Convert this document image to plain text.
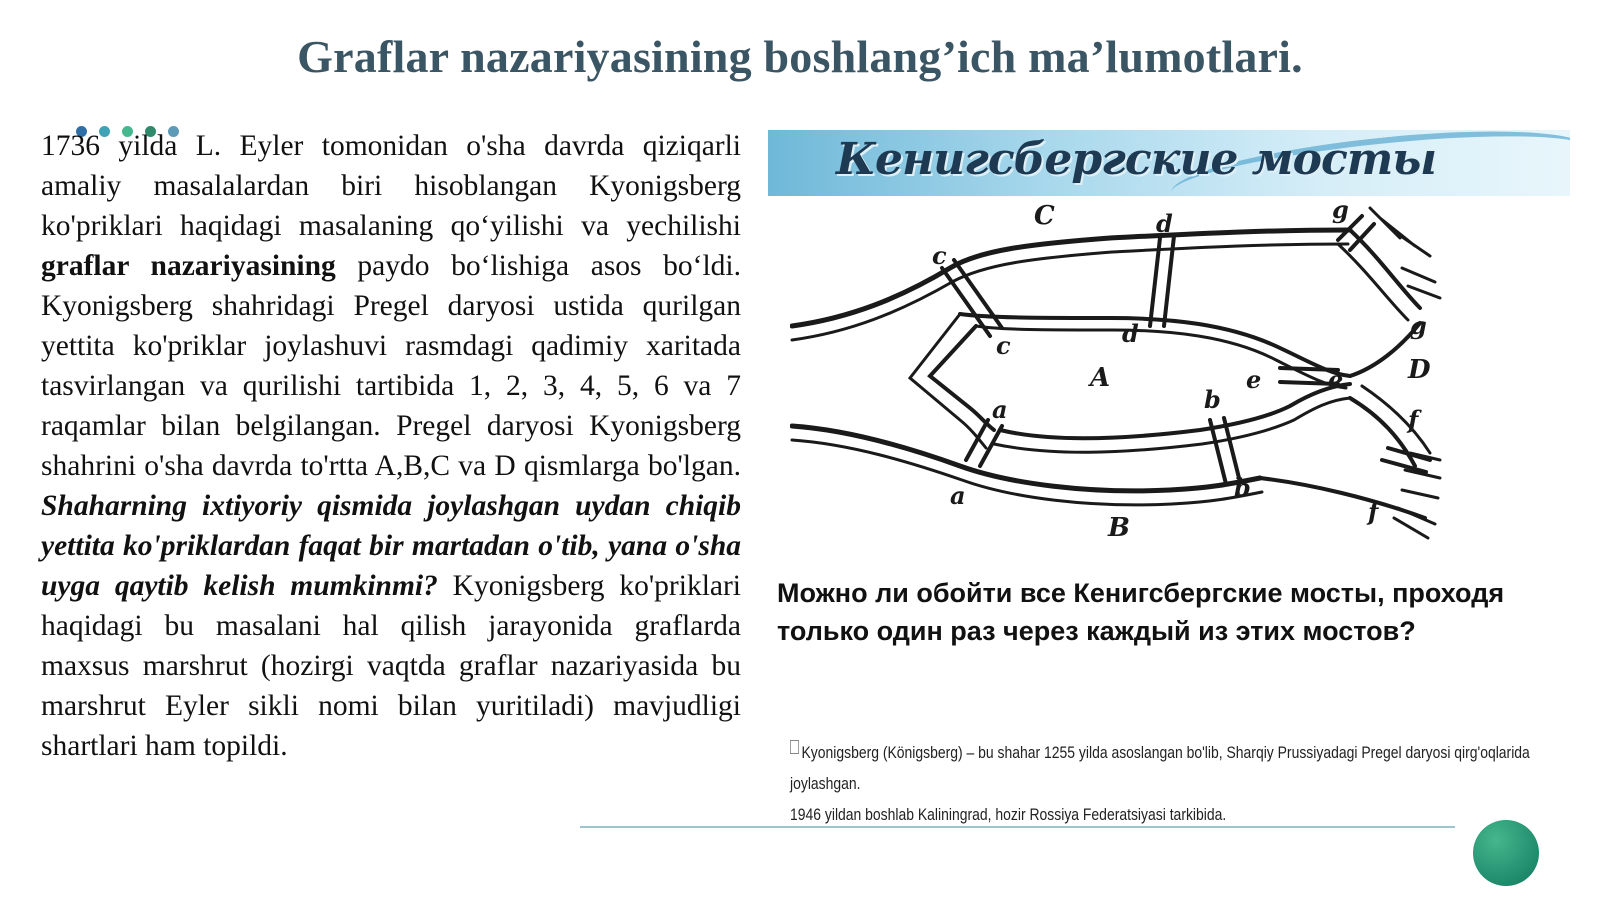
Graflar nazariyasining boshlang’ich ma’lumotlari.
1736 yilda L. Eyler tomonidan o'sha davrda qiziqarli amaliy masalalardan biri hisoblangan Kyonigsberg ko'priklari haqidagi masalaning qo‘yilishi va yechilishi graflar nazariyasining paydo bo‘lishiga asos bo‘ldi. Kyonigsberg shahridagi Pregel daryosi ustida qurilgan yettita ko'priklar joylashuvi rasmdagi qadimiy xaritada tasvirlangan va qurilishi tartibida 1, 2, 3, 4, 5, 6 va 7 raqamlar bilan belgilangan. Pregel daryosi Kyonigsberg shahrini o'sha davrda to'rtta A,B,C va D qismlarga bo'lgan. Shaharning ixtiyoriy qismida joylashgan uydan chiqib yettita ko'priklardan faqat bir martadan o'tib, yana o'sha uyga qaytib kelish mumkinmi? Kyonigsberg ko'priklari haqidagi bu masalani hal qilish jarayonida graflarda maxsus marshrut (hozirgi vaqtda graflar nazariyasida bu marshrut Eyler sikli nomi bilan yuritiladi) mavjudligi shartlari ham topildi.
Кенигсбергские мосты
C	d	g
c
c	d	g
A	e	e D
a	b
f
a	b
f
B
Можно ли обойти все Кенигсбергские мосты, проходя только один раз через каждый из этих мостов?
Kyonigsberg (Königsberg) – bu shahar 1255 yilda asoslangan bo'lib, Sharqiy Prussiyadagi Pregel daryosi qirg'oqlarida joylashgan.
1946 yildan boshlab Kaliningrad, hozir Rossiya Federatsiyasi tarkibida.
